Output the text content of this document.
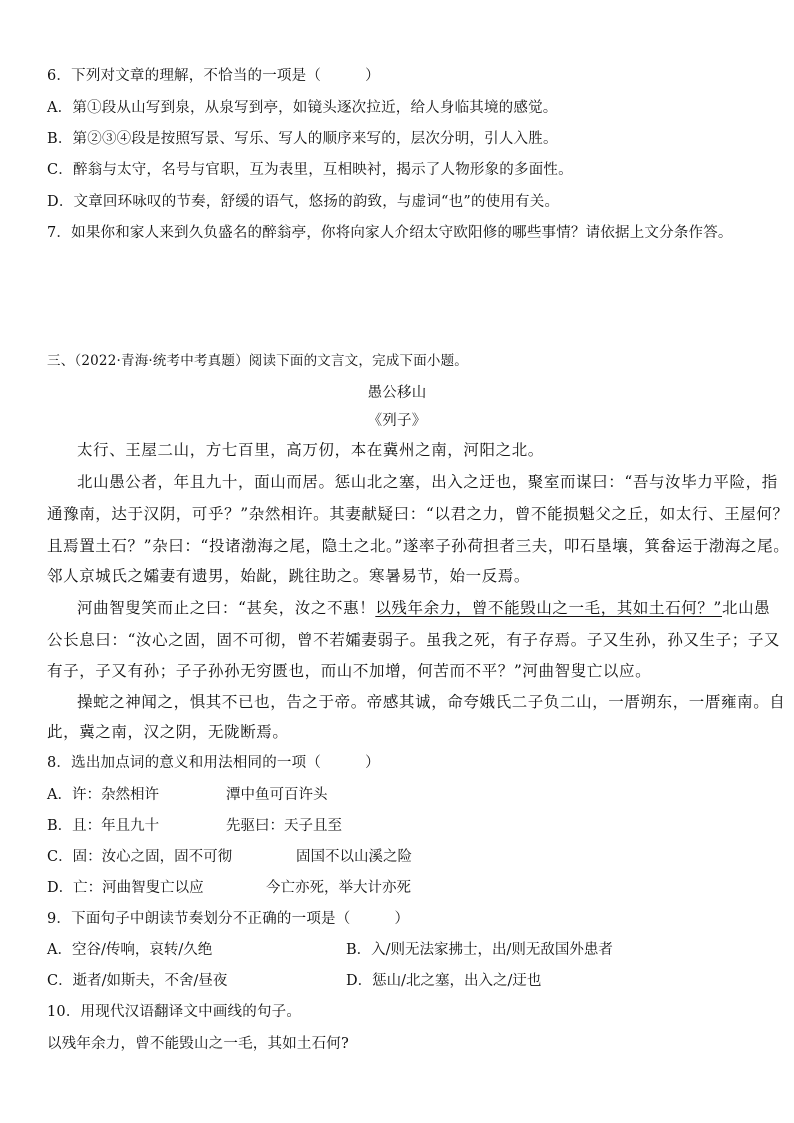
6．下列对文章的理解，不恰当的一项是（　　　）
A．第①段从山写到泉，从泉写到亭，如镜头逐次拉近，给人身临其境的感觉。
B．第②③④段是按照写景、写乐、写人的顺序来写的，层次分明，引人入胜。
C．醉翁与太守，名号与官职，互为表里，互相映衬，揭示了人物形象的多面性。
D．文章回环咏叹的节奏，舒缓的语气，悠扬的韵致，与虚词“也”的使用有关。
7．如果你和家人来到久负盛名的醉翁亭，你将向家人介绍太守欧阳修的哪些事情？请依据上文分条作答。
三、（2022·青海·统考中考真题）阅读下面的文言文，完成下面小题。
愚公移山
《列子》
太行、王屋二山，方七百里，高万仞，本在冀州之南，河阳之北。
北山愚公者，年且九十，面山而居。惩山北之塞，出入之迂也，聚室而谋曰：“吾与汝毕力平险，指
通豫南，达于汉阴，可乎？”杂然相许。其妻献疑曰：“以君之力，曾不能损魁父之丘，如太行、王屋何？
且焉置土石？”杂曰：“投诸渤海之尾，隐土之北。”遂率子孙荷担者三夫，叩石垦壤，箕畚运于渤海之尾。
邻人京城氏之孀妻有遗男，始龀，跳往助之。寒暑易节，始一反焉。
河曲智叟笑而止之曰：“甚矣，汝之不惠！以残年余力，曾不能毁山之一毛，其如土石何？”北山愚
公长息曰：“汝心之固，固不可彻，曾不若孀妻弱子。虽我之死，有子存焉。子又生孙，孙又生子；子又
有子，子又有孙；子子孙孙无穷匮也，而山不加增，何苦而不平？”河曲智叟亡以应。
操蛇之神闻之，惧其不已也，告之于帝。帝感其诚，命夸娥氏二子负二山，一厝朔东，一厝雍南。自
此，冀之南，汉之阴，无陇断焉。
8．选出加点词的意义和用法相同的一项（　　　）
A．许：杂然相许	潭中鱼可百许头
B．且：年且九十	先驱曰：天子且至
C．固：汝心之固，固不可彻	固国不以山溪之险
D．亡：河曲智叟亡以应	今亡亦死，举大计亦死
9．下面句子中朗读节奏划分不正确的一项是（　　　）
A．空谷/传响，哀转/久绝	B．入/则无法家拂士，出/则无敌国外患者
C．逝者/如斯夫，不舍/昼夜	D．惩山/北之塞，出入之/迂也
10．用现代汉语翻译文中画线的句子。
以残年余力，曾不能毁山之一毛，其如土石何?
